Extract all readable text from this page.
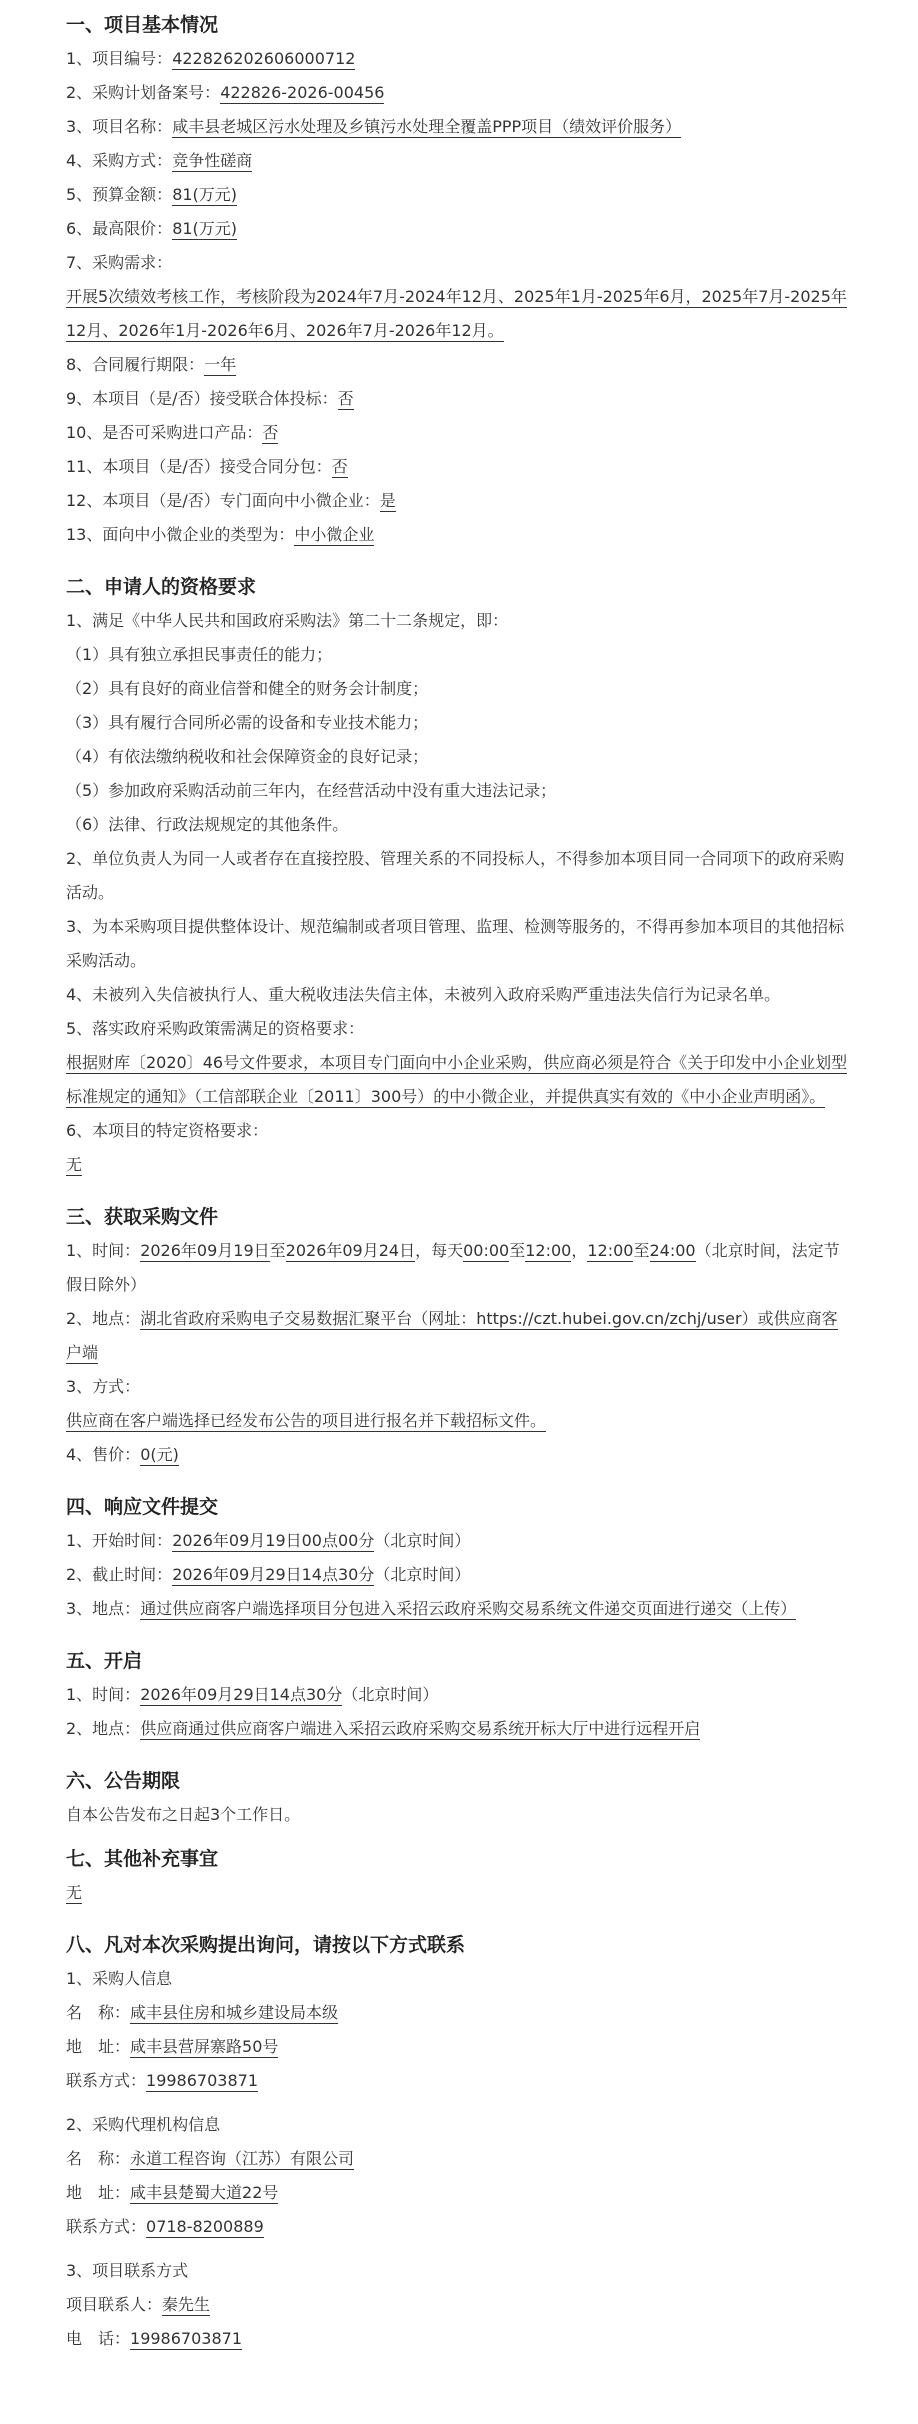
一、项目基本情况

1、项目编号：422826202606000712

2、采购计划备案号：422826-2026-00456

3、项目名称：咸丰县老城区污水处理及乡镇污水处理全覆盖PPP项目（绩效评价服务）

4、采购方式：竞争性磋商

5、预算金额：81(万元)

6、最高限价：81(万元)

7、采购需求：

开展5次绩效考核工作，考核阶段为2024年7月-2024年12月、2025年1月-2025年6月，2025年7月-2025年12月、2026年1月-2026年6月、2026年7月-2026年12月。

8、合同履行期限：一年

9、本项目（是/否）接受联合体投标：否

10、是否可采购进口产品：否

11、本项目（是/否）接受合同分包：否

12、本项目（是/否）专门面向中小微企业：是

13、面向中小微企业的类型为：中小微企业

二、申请人的资格要求

1、满足《中华人民共和国政府采购法》第二十二条规定，即：

（1）具有独立承担民事责任的能力；

（2）具有良好的商业信誉和健全的财务会计制度；

（3）具有履行合同所必需的设备和专业技术能力；

（4）有依法缴纳税收和社会保障资金的良好记录；

（5）参加政府采购活动前三年内，在经营活动中没有重大违法记录；

（6）法律、行政法规规定的其他条件。

2、单位负责人为同一人或者存在直接控股、管理关系的不同投标人，不得参加本项目同一合同项下的政府采购活动。

3、为本采购项目提供整体设计、规范编制或者项目管理、监理、检测等服务的，不得再参加本项目的其他招标采购活动。

4、未被列入失信被执行人、重大税收违法失信主体，未被列入政府采购严重违法失信行为记录名单。

5、落实政府采购政策需满足的资格要求：

根据财库〔2020〕46号文件要求，本项目专门面向中小企业采购，供应商必须是符合《关于印发中小企业划型标准规定的通知》（工信部联企业〔2011〕300号）的中小微企业，并提供真实有效的《中小企业声明函》。

6、本项目的特定资格要求：

无

三、获取采购文件

1、时间：2026年09月19日至2026年09月24日，每天00:00至12:00，12:00至24:00（北京时间，法定节假日除外）

2、地点：湖北省政府采购电子交易数据汇聚平台（网址：https://czt.hubei.gov.cn/zchj/user）或供应商客户端

3、方式：

供应商在客户端选择已经发布公告的项目进行报名并下载招标文件。

4、售价：0(元)

四、响应文件提交

1、开始时间：2026年09月19日00点00分（北京时间）

2、截止时间：2026年09月29日14点30分（北京时间）

3、地点：通过供应商客户端选择项目分包进入采招云政府采购交易系统文件递交页面进行递交（上传）

五、开启

1、时间：2026年09月29日14点30分（北京时间）

2、地点：供应商通过供应商客户端进入采招云政府采购交易系统开标大厅中进行远程开启

六、公告期限

自本公告发布之日起3个工作日。

七、其他补充事宜

无

八、凡对本次采购提出询问，请按以下方式联系

1、采购人信息

名　称：咸丰县住房和城乡建设局本级

地　址：咸丰县营屏寨路50号

联系方式：19986703871

2、采购代理机构信息

名　称：永道工程咨询（江苏）有限公司

地　址：咸丰县楚蜀大道22号

联系方式：0718-8200889

3、项目联系方式

项目联系人：秦先生

电　话：19986703871
